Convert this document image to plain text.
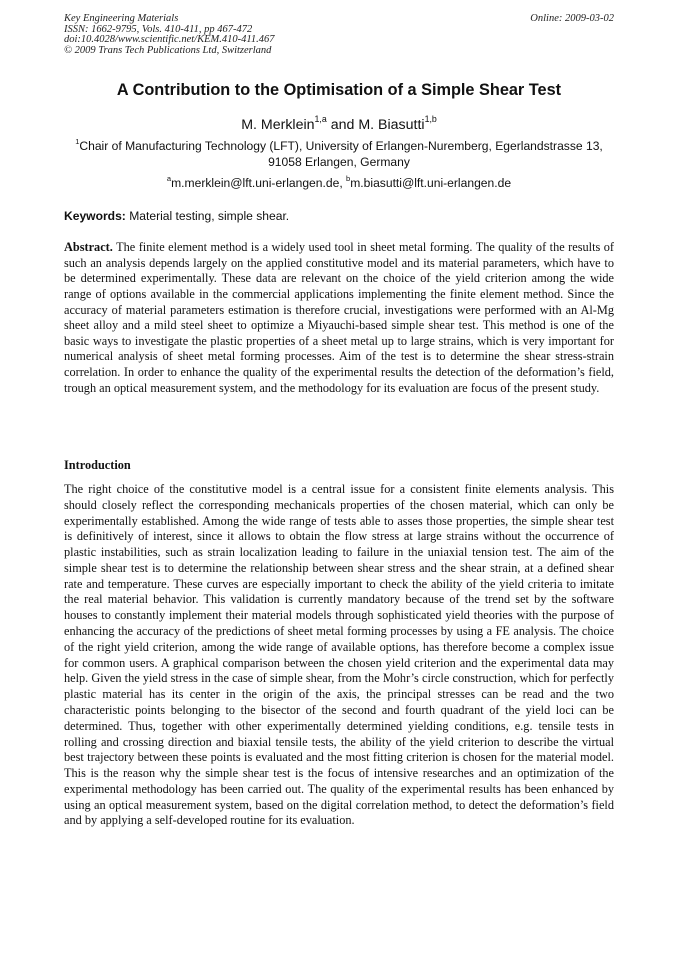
Key Engineering Materials
ISSN: 1662-9795, Vols. 410-411, pp 467-472
doi:10.4028/www.scientific.net/KEM.410-411.467
© 2009 Trans Tech Publications Ltd, Switzerland
Online: 2009-03-02
A Contribution to the Optimisation of a Simple Shear Test
M. Merklein$^{1,a}$ and M. Biasutti$^{1,b}$
$^1$Chair of Manufacturing Technology (LFT), University of Erlangen-Nuremberg, Egerlandstrasse 13, 91058 Erlangen, Germany
$^a$m.merklein@lft.uni-erlangen.de, $^b$m.biasutti@lft.uni-erlangen.de
Keywords: Material testing, simple shear.
Abstract. The finite element method is a widely used tool in sheet metal forming. The quality of the results of such an analysis depends largely on the applied constitutive model and its material parameters, which have to be determined experimentally. These data are relevant on the choice of the yield criterion among the wide range of options available in the commercial applications implementing the finite element method. Since the accuracy of material parameters estimation is therefore crucial, investigations were performed with an Al-Mg sheet alloy and a mild steel sheet to optimize a Miyauchi-based simple shear test. This method is one of the basic ways to investigate the plastic properties of a sheet metal up to large strains, which is very important for numerical analysis of sheet metal forming processes. Aim of the test is to determine the shear stress-strain correlation. In order to enhance the quality of the experimental results the detection of the deformation’s field, trough an optical measurement system, and the methodology for its evaluation are focus of the present study.
Introduction
The right choice of the constitutive model is a central issue for a consistent finite elements analysis. This should closely reflect the corresponding mechanicals properties of the chosen material, which can only be experimentally established. Among the wide range of tests able to asses those properties, the simple shear test is definitively of interest, since it allows to obtain the flow stress at large strains without the occurrence of plastic instabilities, such as strain localization leading to failure in the uniaxial tension test. The aim of the simple shear test is to determine the relationship between shear stress and the shear strain, at a defined shear rate and temperature. These curves are especially important to check the ability of the yield criteria to imitate the real material behavior. This validation is currently mandatory because of the trend set by the software houses to constantly implement their material models through sophisticated yield theories with the purpose of enhancing the accuracy of the predictions of sheet metal forming processes by using a FE analysis. The choice of the right yield criterion, among the wide range of available options, has therefore become a complex issue for common users. A graphical comparison between the chosen yield criterion and the experimental data may help. Given the yield stress in the case of simple shear, from the Mohr’s circle construction, which for perfectly plastic material has its center in the origin of the axis, the principal stresses can be read and the two characteristic points belonging to the bisector of the second and fourth quadrant of the yield loci can be determined. Thus, together with other experimentally determined yielding conditions, e.g. tensile tests in rolling and crossing direction and biaxial tensile tests, the ability of the yield criterion to describe the virtual best trajectory between these points is evaluated and the most fitting criterion is chosen for the material model. This is the reason why the simple shear test is the focus of intensive researches and an optimization of the experimental methodology has been carried out. The quality of the experimental results has been enhanced by using an optical measurement system, based on the digital correlation method, to detect the deformation’s field and by applying a self-developed routine for its evaluation.
